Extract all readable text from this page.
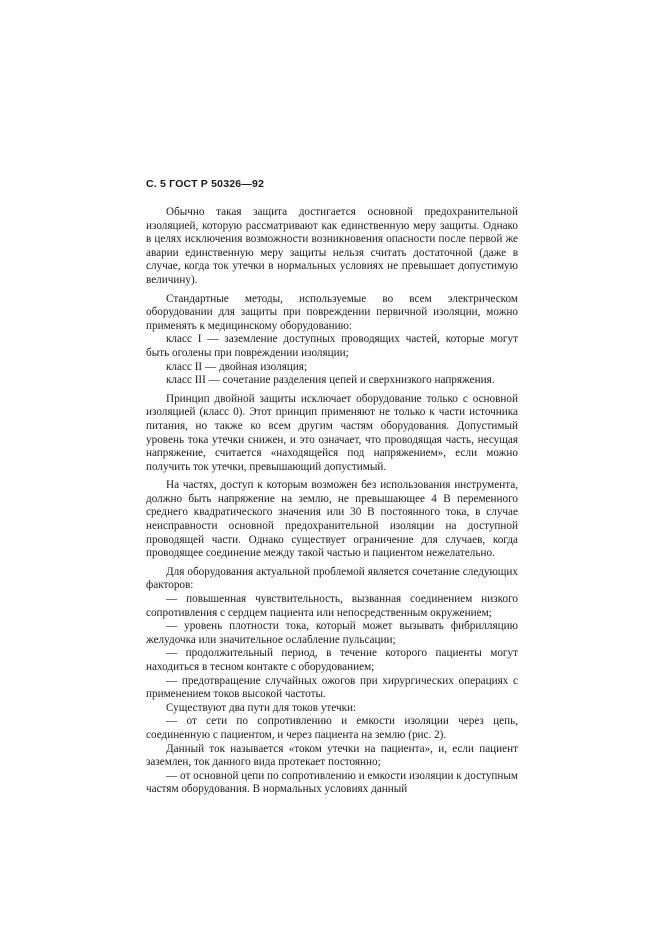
С. 5 ГОСТ Р 50326—92

Обычно такая защита достигается основной предохранительной изоляцией, которую рассматривают как единственную меру защиты. Однако в целях исключения возможности возникновения опасности после первой же аварии единственную меру защиты нельзя считать достаточной (даже в случае, когда ток утечки в нормальных условиях не превышает допустимую величину).

Стандартные методы, используемые во всем электрическом оборудовании для защиты при повреждении первичной изоляции, можно применять к медицинскому оборудованию:

класс I — заземление доступных проводящих частей, которые могут быть оголены при повреждении изоляции;

класс II — двойная изоляция;

класс III — сочетание разделения цепей и сверхнизкого напряжения.

Принцип двойной защиты исключает оборудование только с основной изоляцией (класс 0). Этот принцип применяют не только к части источника питания, но также ко всем другим частям оборудования. Допустимый уровень тока утечки снижен, и это означает, что проводящая часть, несущая напряжение, считается «находящейся под напряжением», если можно получить ток утечки, превышающий допустимый.

На частях, доступ к которым возможен без использования инструмента, должно быть напряжение на землю, не превышающее 4 В переменного среднего квадратического значения или 30 В постоянного тока, в случае неисправности основной предохранительной изоляции на доступной проводящей части. Однако существует ограничение для случаев, когда проводящее соединение между такой частью и пациентом нежелательно.

Для оборудования актуальной проблемой является сочетание следующих факторов:

— повышенная чувствительность, вызванная соединением низкого сопротивления с сердцем пациента или непосредственным окружением;

— уровень плотности тока, который может вызывать фибрилляцию желудочка или значительное ослабление пульсации;

— продолжительный период, в течение которого пациенты могут находиться в тесном контакте с оборудованием;

— предотвращение случайных ожогов при хирургических операциях с применением токов высокой частоты.

Существуют два пути для токов утечки:

— от сети по сопротивлению и емкости изоляции через цепь, соединенную с пациентом, и через пациента на землю (рис. 2).

Данный ток называется «током утечки на пациента», и, если пациент заземлен, ток данного вида протекает постоянно;

— от основной цепи по сопротивлению и емкости изоляции к доступным частям оборудования. В нормальных условиях данный
